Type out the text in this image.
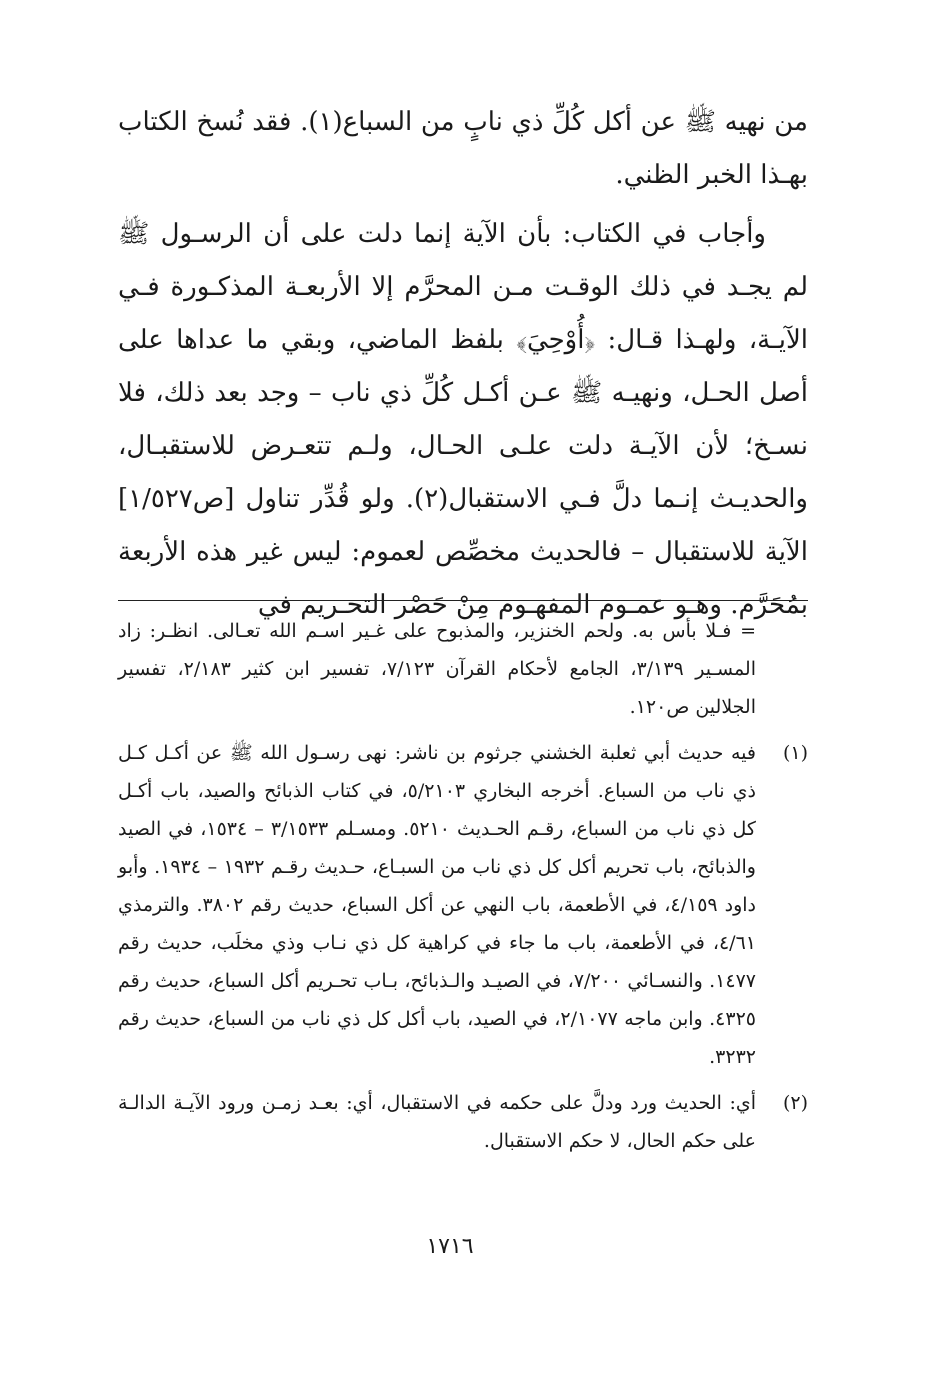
من نهيه ﷺ عن أكل كُلِّ ذي نابٍ من السباع(١). فقد نُسخ الكتاب بهـذا الخبر الظني.

وأجاب في الكتاب: بأن الآية إنما دلت على أن الرسـول ﷺ لم يجـد في ذلك الوقـت مـن المحرَّم إلا الأربعـة المذكـورة فـي الآيـة، ولهـذا قـال: ﴿أُوْحِيَ﴾ بلفظ الماضي، وبقي ما عداها على أصل الحـل، ونهيـه ﷺ عـن أكـل كُلِّ ذي ناب – وجد بعد ذلك، فلا نسـخ؛ لأن الآيـة دلت علـى الحـال، ولـم تتعـرض للاستقبـال، والحديـث إنـما دلَّ فـي الاستقبال(٢). ولو قُدِّر تناول [ص١/٥٢٧] الآية للاستقبال – فالحديث مخصِّص لعموم: ليس غير هذه الأربعة بمُحَرَّم. وهـو عمـوم المفهـوم مِنْ حَصْر التحـريم في

= فـلا بأس به. ولحم الخنزير، والمذبوح على غـير اسـم الله تعـالى. انظـر: زاد المسـير ٣/١٣٩، الجامع لأحكام القرآن ٧/١٢٣، تفسير ابن كثير ٢/١٨٣، تفسير الجلالين ص١٢٠.
(١)
فيه حديث أبي ثعلبة الخشني جرثوم بن ناشر: نهى رسـول الله ﷺ عن أكـل كـل ذي ناب من السباع. أخرجه البخاري ٥/٢١٠٣، في كتاب الذبائح والصيد، باب أكـل كل ذي ناب من السباع، رقـم الحـديث ٥٢١٠. ومسـلم ٣/١٥٣٣ – ١٥٣٤، في الصيد والذبائح، باب تحريم أكل كل ذي ناب من السبـاع، حـديث رقـم ١٩٣٢ – ١٩٣٤. وأبو داود ٤/١٥٩، في الأطعمة، باب النهي عن أكل السباع، حديث رقم ٣٨٠٢. والترمذي ٤/٦١، في الأطعمة، باب ما جاء في كراهية كل ذي نـاب وذي مخلَب، حديث رقم ١٤٧٧. والنسـائي ٧/٢٠٠، في الصيـد والـذبائح، بـاب تحـريم أكل السباع، حديث رقم ٤٣٢٥. وابن ماجه ٢/١٠٧٧، في الصيد، باب أكل كل ذي ناب من السباع، حديث رقم ٣٢٣٢.
(٢)
أي: الحديث ورد ودلَّ على حكمه في الاستقبال، أي: بعـد زمـن ورود الآيـة الدالـة على حكم الحال، لا حكم الاستقبال.
١٧١٦
